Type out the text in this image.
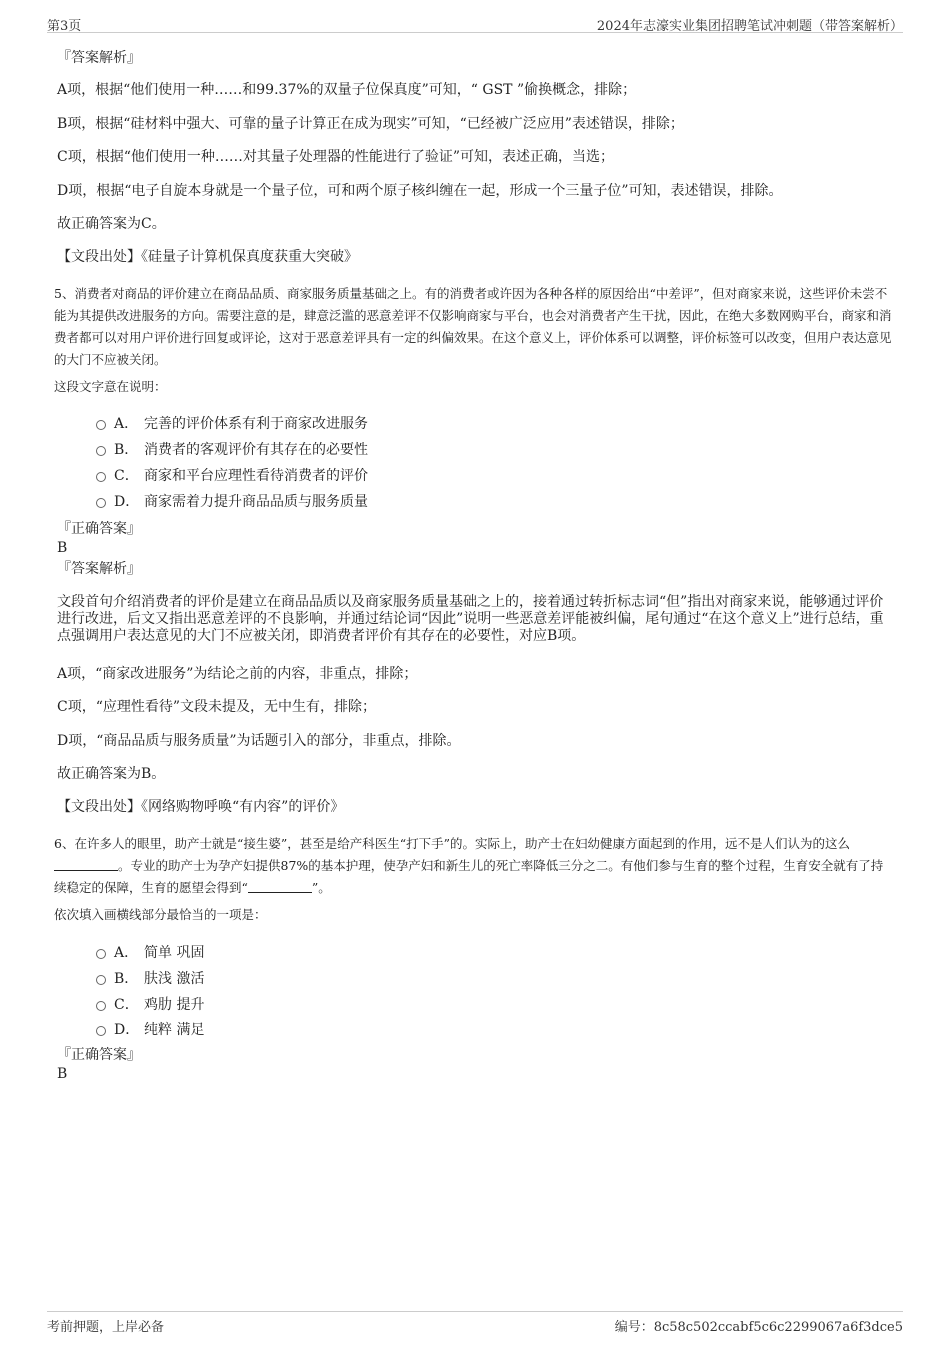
第3页	2024年志濠实业集团招聘笔试冲刺题（带答案解析）
『答案解析』
A项，根据“他们使用一种……和99.37%的双量子位保真度”可知，“ GST ”偷换概念，排除；
B项，根据“硅材料中强大、可靠的量子计算正在成为现实”可知，“已经被广泛应用”表述错误，排除；
C项，根据“他们使用一种……对其量子处理器的性能进行了验证”可知，表述正确，当选；
D项，根据“电子自旋本身就是一个量子位，可和两个原子核纠缠在一起，形成一个三量子位”可知，表述错误，排除。
故正确答案为C。
【文段出处】《硅量子计算机保真度获重大突破》
5、消费者对商品的评价建立在商品品质、商家服务质量基础之上。有的消费者或许因为各种各样的原因给出“中差评”，但对商家来说，这些评价未尝不能为其提供改进服务的方向。需要注意的是，肆意泛滥的恶意差评不仅影响商家与平台，也会对消费者产生干扰，因此，在绝大多数网购平台，商家和消费者都可以对用户评价进行回复或评论，这对于恶意差评具有一定的纠偏效果。在这个意义上，评价体系可以调整，评价标签可以改变，但用户表达意见的大门不应被关闭。
这段文字意在说明：
A． 完善的评价体系有利于商家改进服务
B． 消费者的客观评价有其存在的必要性
C． 商家和平台应理性看待消费者的评价
D． 商家需着力提升商品品质与服务质量
『正确答案』
B
『答案解析』
文段首句介绍消费者的评价是建立在商品品质以及商家服务质量基础之上的，接着通过转折标志词“但”指出对商家来说，能够通过评价进行改进，后文又指出恶意差评的不良影响，并通过结论词“因此”说明一些恶意差评能被纠偏，尾句通过“在这个意义上”进行总结，重点强调用户表达意见的大门不应被关闭，即消费者评价有其存在的必要性，对应B项。
A项，“商家改进服务”为结论之前的内容，非重点，排除；
C项，“应理性看待”文段未提及，无中生有，排除；
D项，“商品品质与服务质量”为话题引入的部分，非重点，排除。
故正确答案为B。
【文段出处】《网络购物呼唤“有内容”的评价》
6、在许多人的眼里，助产士就是“接生婆”，甚至是给产科医生“打下手”的。实际上，助产士在妇幼健康方面起到的作用，远不是人们认为的这么。专业的助产士为孕产妇提供87%的基本护理，使孕产妇和新生儿的死亡率降低三分之二。有他们参与生育的整个过程，生育安全就有了持续稳定的保障，生育的愿望会得到“	”。
依次填入画横线部分最恰当的一项是：
A． 简单 巩固
B． 肤浅 激活
C． 鸡肋 提升
D． 纯粹 满足
『正确答案』
B
考前押题，上岸必备	编号：8c58c502ccabf5c6c2299067a6f3dce5
